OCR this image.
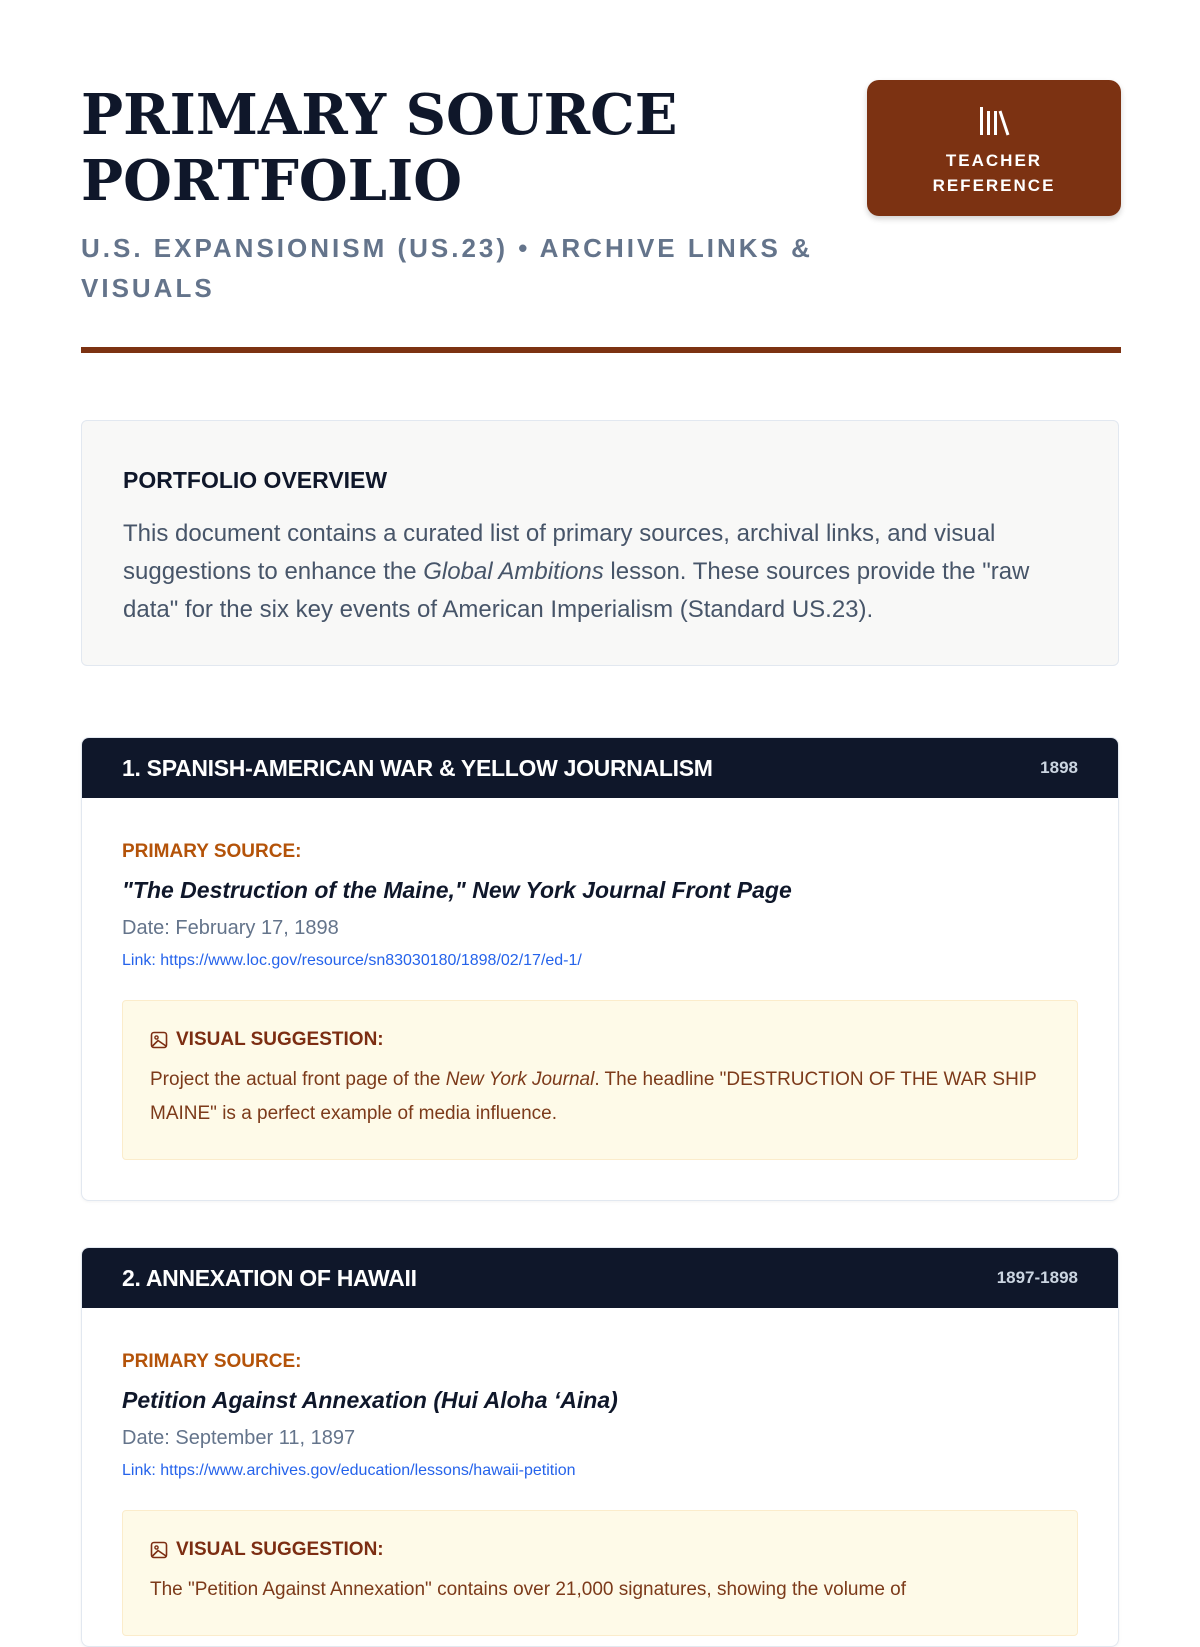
PRIMARY SOURCE
PORTFOLIO

U.S. EXPANSIONISM (US.23) • ARCHIVE LINKS & VISUALS

TEACHER
REFERENCE
PORTFOLIO OVERVIEW

This document contains a curated list of primary sources, archival links, and visual suggestions to enhance the Global Ambitions lesson. These sources provide the "raw data" for the six key events of American Imperialism (Standard US.23).

1. SPANISH-AMERICAN WAR & YELLOW JOURNALISM	1898

PRIMARY SOURCE:

"The Destruction of the Maine," New York Journal Front Page

Date: February 17, 1898

Link: https://www.loc.gov/resource/sn83030180/1898/02/17/ed-1/
VISUAL SUGGESTION:

Project the actual front page of the New York Journal. The headline "DESTRUCTION OF THE WAR SHIP MAINE" is a perfect example of media influence.

2. ANNEXATION OF HAWAII	1897-1898

PRIMARY SOURCE:

Petition Against Annexation (Hui Aloha ‘Aina)

Date: September 11, 1897

Link: https://www.archives.gov/education/lessons/hawaii-petition
VISUAL SUGGESTION:

The "Petition Against Annexation" contains over 21,000 signatures, showing the volume of
